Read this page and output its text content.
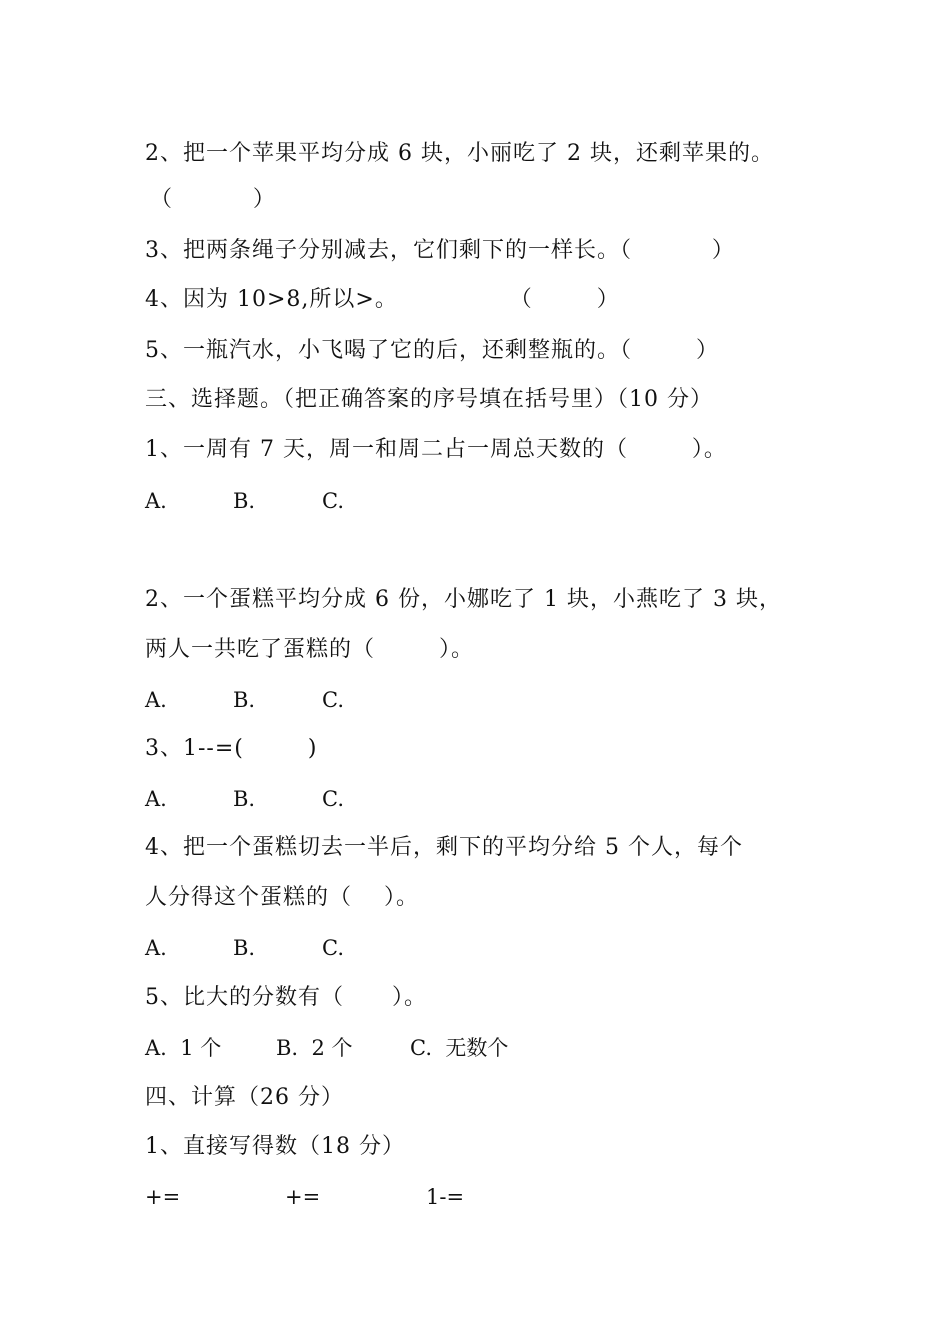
2、把一个苹果平均分成 6 块，小丽吃了 2 块，还剩苹果的。
（          ）
3、把两条绳子分别减去，它们剩下的一样长。（          ）
4、因为 10>8,所以>。              （        ）
5、一瓶汽水，小飞喝了它的后，还剩整瓶的。（        ）
三、选择题。（把正确答案的序号填在括号里）（10 分）
1、一周有 7 天，周一和周二占一周总天数的（        ）。
A.	B.	C.
2、一个蛋糕平均分成 6 份，小娜吃了 1 块，小燕吃了 3 块，
两人一共吃了蛋糕的（        ）。
A.	B.	C.
3、1--=(        )
A.	B.	C.
4、把一个蛋糕切去一半后，剩下的平均分给 5 个人，每个
人分得这个蛋糕的（    ）。
A.	B.	C.
5、比大的分数有（      ）。
A.  1 个	B.  2 个	C.  无数个
四、计算（26 分）
1、直接写得数（18 分）
+=	+=	1-=
